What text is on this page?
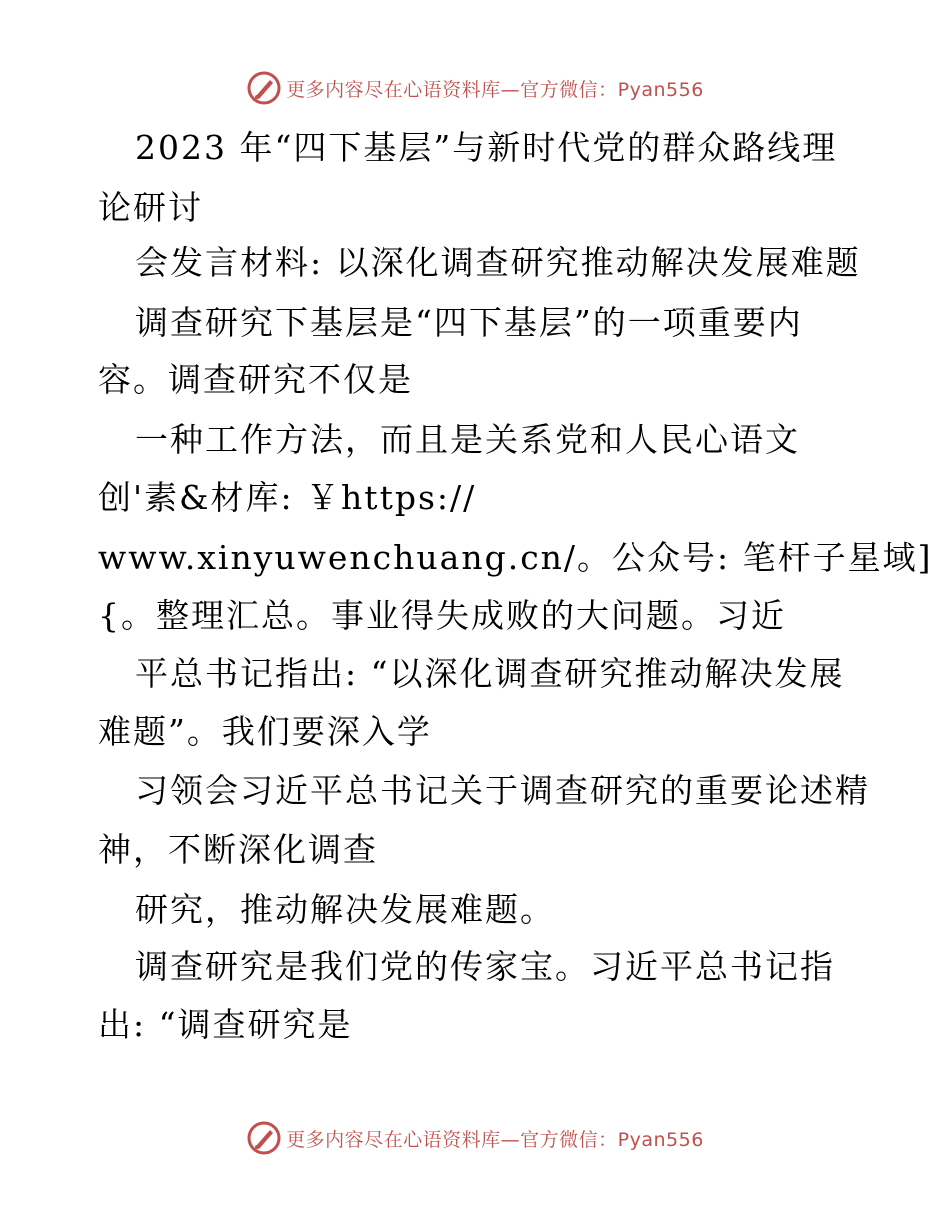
更多内容尽在心语资料库—官方微信：Pyan556
2023 年“四下基层”与新时代党的群众路线理
论研讨
会发言材料: 以深化调查研究推动解决发展难题
调查研究下基层是“四下基层”的一项重要内
容。调查研究不仅是
一种工作方法，而且是关系党和人民心语文
创'素&材库: ￥https://
www.xinyuwenchuang.cn/。公众号: 笔杆子星域]
{。整理汇总。事业得失成败的大问题。习近
平总书记指出: “以深化调查研究推动解决发展
难题”。我们要深入学
习领会习近平总书记关于调查研究的重要论述精
神，不断深化调查
研究，推动解决发展难题。
调查研究是我们党的传家宝。习近平总书记指
出: “调查研究是
更多内容尽在心语资料库—官方微信：Pyan556
